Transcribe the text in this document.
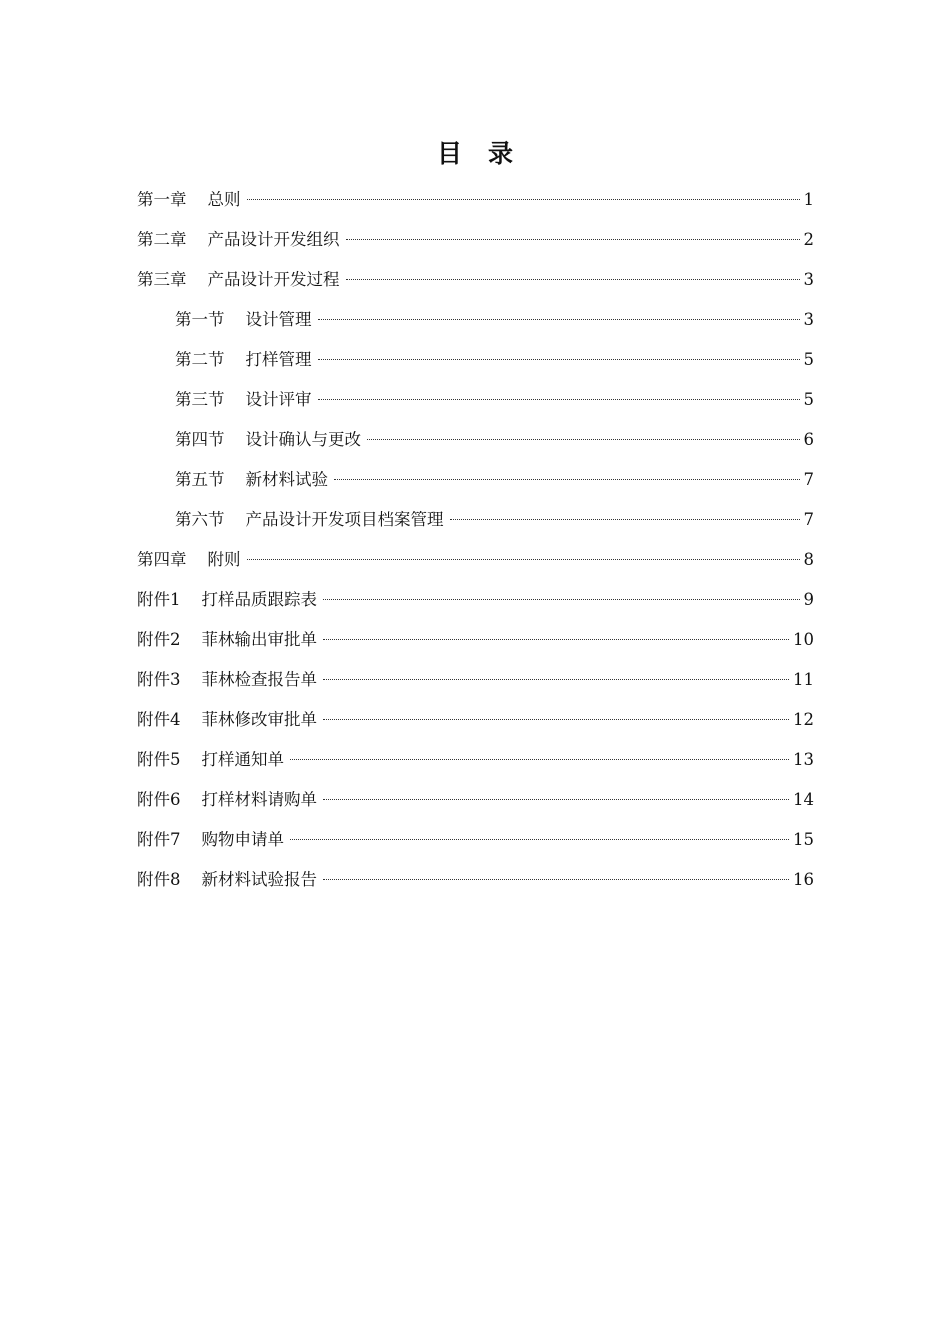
目 录
第一章 总则	1
第二章 产品设计开发组织	2
第三章 产品设计开发过程	3
第一节 设计管理	3
第二节 打样管理	5
第三节 设计评审	5
第四节 设计确认与更改	6
第五节 新材料试验	7
第六节 产品设计开发项目档案管理	7
第四章 附则	8
附件1 打样品质跟踪表	9
附件2 菲林输出审批单	10
附件3 菲林检查报告单	11
附件4 菲林修改审批单	12
附件5 打样通知单	13
附件6 打样材料请购单	14
附件7 购物申请单	15
附件8 新材料试验报告	16
